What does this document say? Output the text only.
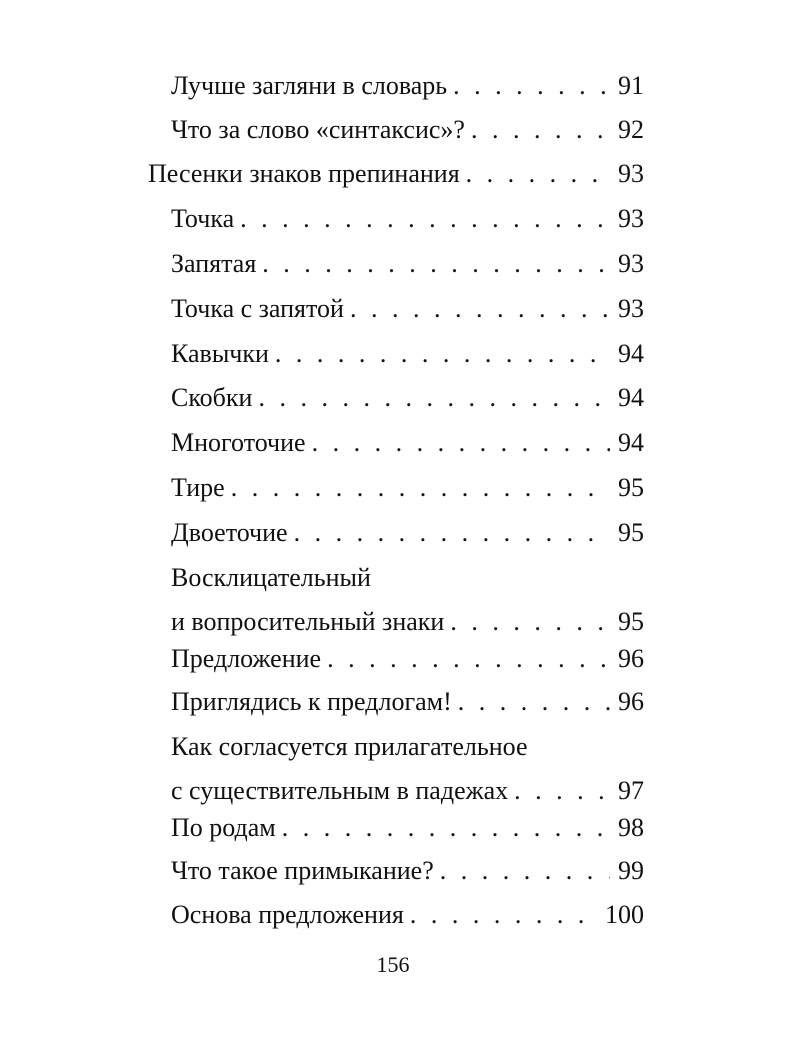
Лучше загляни в словарь . . .	91
Что за слово «синтаксис»? . . .	92
Песенки знаков препинания . . .	93
Точка . . .	93
Запятая . . .	93
Точка с запятой . . .	93
Кавычки . . .	94
Скобки . . .	94
Многоточие . . .	94
Тире . . .	95
Двоеточие . . .	95
Восклицательный
и вопросительный знаки . . .	95
Предложение . . .	96
Приглядись к предлогам! . . .	96
Как согласуется прилагательное
с существительным в падежах . . .	97
По родам . . .	98
Что такое примыкание? . . .	99
Основа предложения . . .	100
156
